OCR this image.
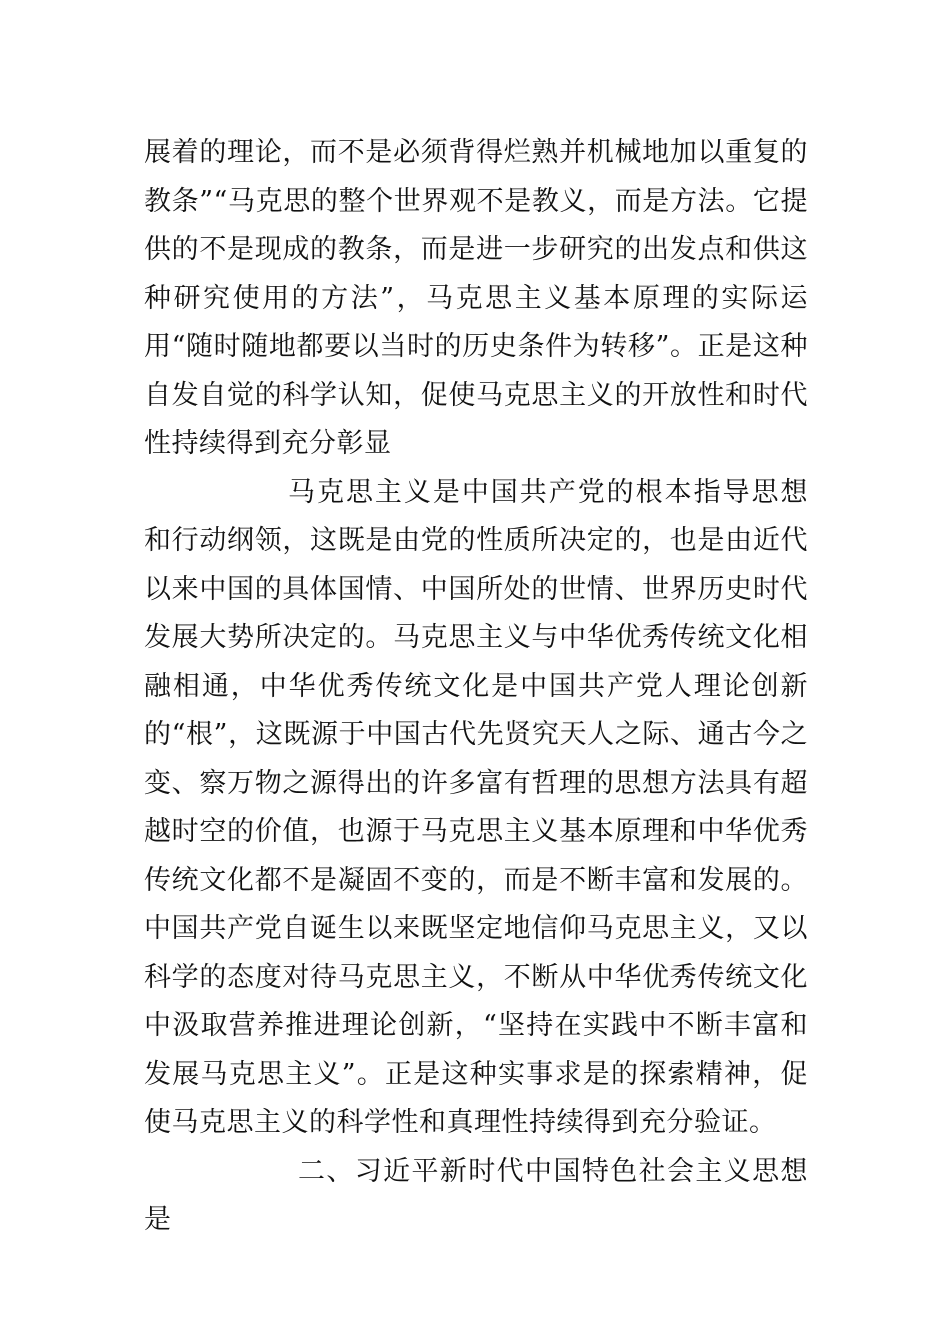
展着的理论，而不是必须背得烂熟并机械地加以重复的教条”“马克思的整个世界观不是教义，而是方法。它提供的不是现成的教条，而是进一步研究的出发点和供这种研究使用的方法”，马克思主义基本原理的实际运用“随时随地都要以当时的历史条件为转移”。正是这种自发自觉的科学认知，促使马克思主义的开放性和时代性持续得到充分彰显

马克思主义是中国共产党的根本指导思想和行动纲领，这既是由党的性质所决定的，也是由近代以来中国的具体国情、中国所处的世情、世界历史时代发展大势所决定的。马克思主义与中华优秀传统文化相融相通，中华优秀传统文化是中国共产党人理论创新的“根”，这既源于中国古代先贤究天人之际、通古今之变、察万物之源得出的许多富有哲理的思想方法具有超越时空的价值，也源于马克思主义基本原理和中华优秀传统文化都不是凝固不变的，而是不断丰富和发展的。中国共产党自诞生以来既坚定地信仰马克思主义，又以科学的态度对待马克思主义，不断从中华优秀传统文化中汲取营养推进理论创新，“坚持在实践中不断丰富和发展马克思主义”。正是这种实事求是的探索精神，促使马克思主义的科学性和真理性持续得到充分验证。

二、习近平新时代中国特色社会主义思想是
